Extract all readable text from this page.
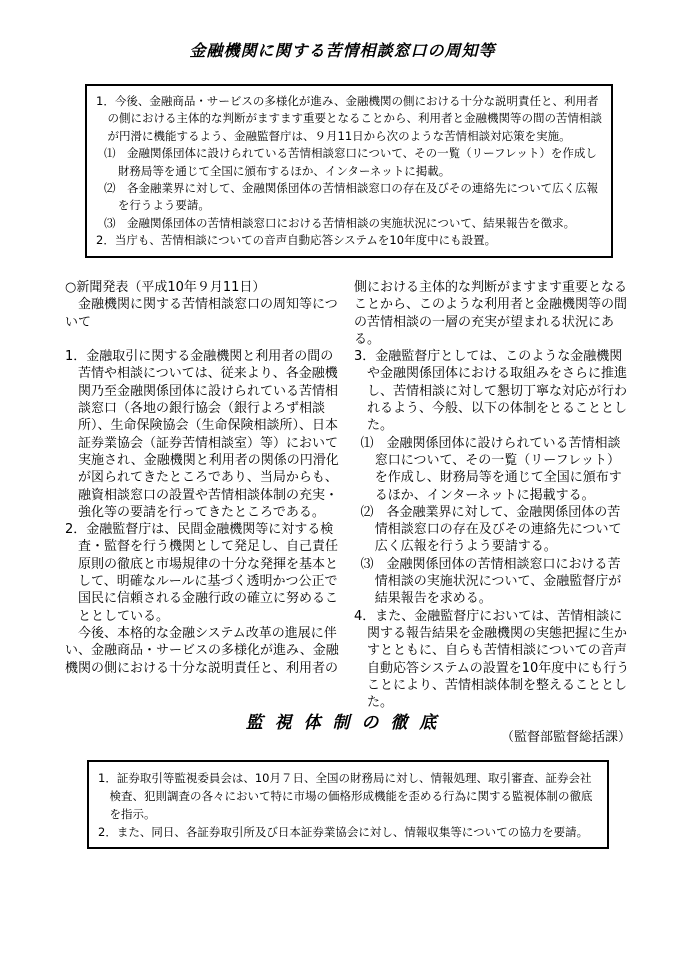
金融機関に関する苦情相談窓口の周知等

1．今後、金融商品・サービスの多様化が進み、金融機関の側における十分な説明責任と、利用者の側における主体的な判断がますます重要となることから、利用者と金融機関等の間の苦情相談が円滑に機能するよう、金融監督庁は、９月11日から次のような苦情相談対応策を実施。

⑴　金融関係団体に設けられている苦情相談窓口について、その一覧（リーフレット）を作成し財務局等を通じて全国に頒布するほか、インターネットに掲載。

⑵　各金融業界に対して、金融関係団体の苦情相談窓口の存在及びその連絡先について広く広報を行うよう要請。

⑶　金融関係団体の苦情相談窓口における苦情相談の実施状況について、結果報告を徴求。

2．当庁も、苦情相談についての音声自動応答システムを10年度中にも設置。

○新聞発表（平成10年９月11日）

　金融機関に関する苦情相談窓口の周知等について

1．金融取引に関する金融機関と利用者の間の苦情や相談については、従来より、各金融機関乃至金融関係団体に設けられている苦情相談窓口（各地の銀行協会（銀行よろず相談所）、生命保険協会（生命保険相談所）、日本証券業協会（証券苦情相談室）等）において実施され、金融機関と利用者の関係の円滑化が図られてきたところであり、当局からも、融資相談窓口の設置や苦情相談体制の充実・強化等の要請を行ってきたところである。

2．金融監督庁は、民間金融機関等に対する検査・監督を行う機関として発足し、自己責任原則の徹底と市場規律の十分な発揮を基本として、明確なルールに基づく透明かつ公正で国民に信頼される金融行政の確立に努めることとしている。

　今後、本格的な金融システム改革の進展に伴い、金融商品・サービスの多様化が進み、金融機関の側における十分な説明責任と、利用者の

側における主体的な判断がますます重要となることから、このような利用者と金融機関等の間の苦情相談の一層の充実が望まれる状況にある。

3．金融監督庁としては、このような金融機関や金融関係団体における取組みをさらに推進し、苦情相談に対して懇切丁寧な対応が行われるよう、今般、以下の体制をとることとした。

⑴　金融関係団体に設けられている苦情相談窓口について、その一覧（リーフレット）を作成し、財務局等を通じて全国に頒布するほか、インターネットに掲載する。

⑵　各金融業界に対して、金融関係団体の苦情相談窓口の存在及びその連絡先について広く広報を行うよう要請する。

⑶　金融関係団体の苦情相談窓口における苦情相談の実施状況について、金融監督庁が結果報告を求める。

4．また、金融監督庁においては、苦情相談に関する報告結果を金融機関の実態把握に生かすとともに、自らも苦情相談についての音声自動応答システムの設置を10年度中にも行うことにより、苦情相談体制を整えることとした。

（監督部監督総括課）

監 視 体 制 の 徹 底

1．証券取引等監視委員会は、10月７日、全国の財務局に対し、情報処理、取引審査、証券会社検査、犯則調査の各々において特に市場の価格形成機能を歪める行為に関する監視体制の徹底を指示。

2．また、同日、各証券取引所及び日本証券業協会に対し、情報収集等についての協力を要請。
